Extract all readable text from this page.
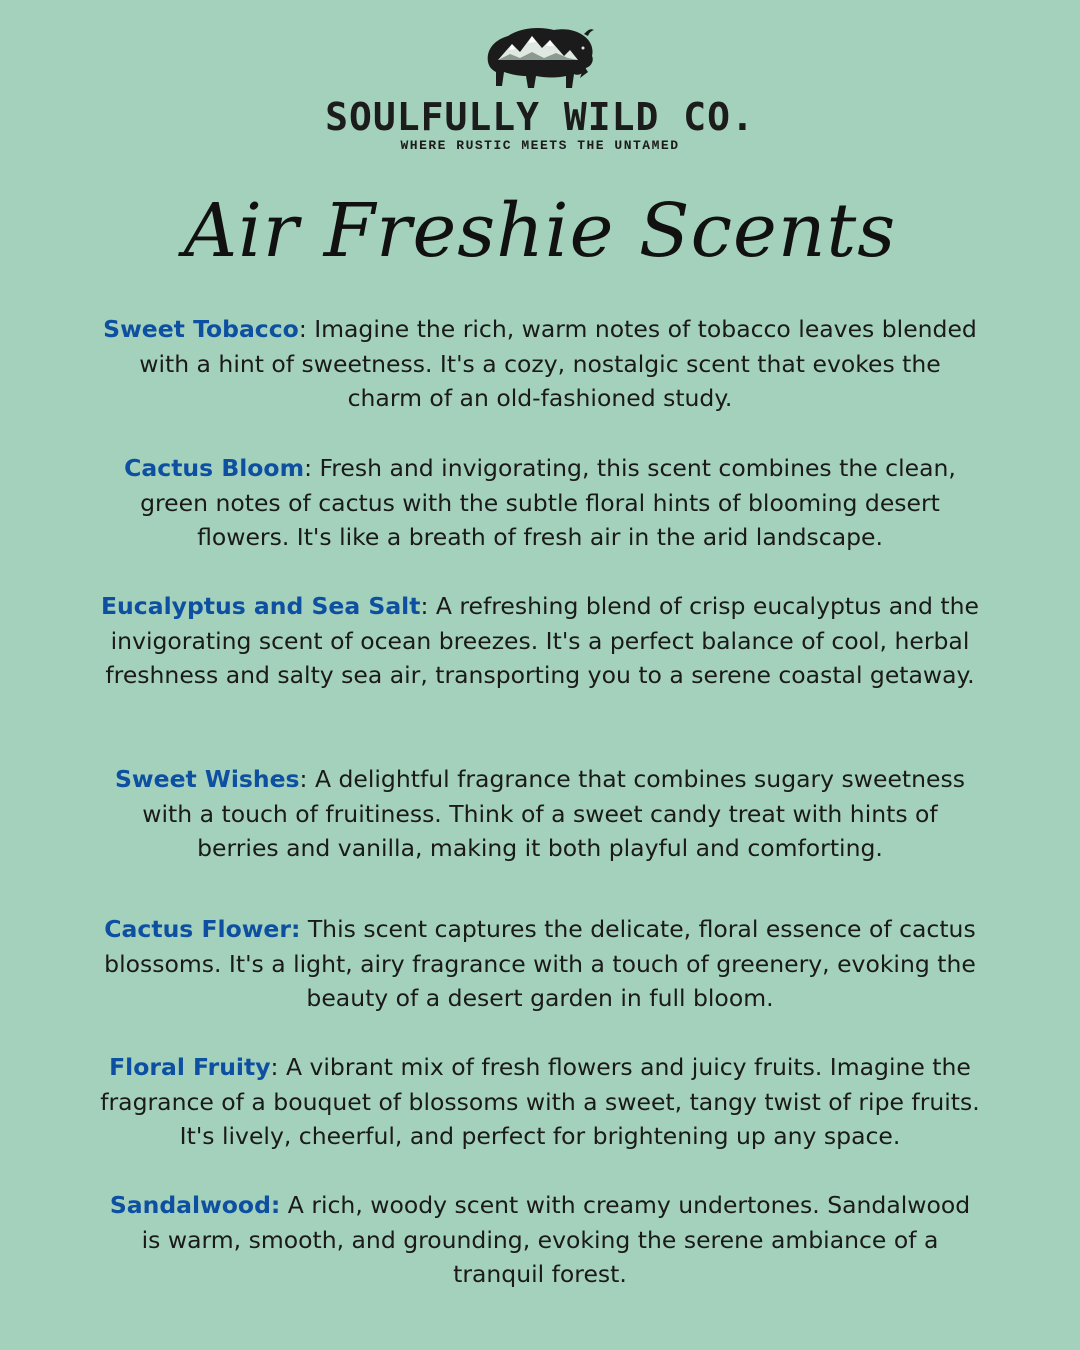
SOULFULLY WILD CO.
WHERE RUSTIC MEETS THE UNTAMED
Air Freshie Scents

Sweet Tobacco: Imagine the rich, warm notes of tobacco leaves blended with a hint of sweetness. It's a cozy, nostalgic scent that evokes the charm of an old-fashioned study.

Cactus Bloom: Fresh and invigorating, this scent combines the clean, green notes of cactus with the subtle floral hints of blooming desert flowers. It's like a breath of fresh air in the arid landscape.

Eucalyptus and Sea Salt: A refreshing blend of crisp eucalyptus and the invigorating scent of ocean breezes. It's a perfect balance of cool, herbal freshness and salty sea air, transporting you to a serene coastal getaway.

Sweet Wishes: A delightful fragrance that combines sugary sweetness with a touch of fruitiness. Think of a sweet candy treat with hints of berries and vanilla, making it both playful and comforting.

Cactus Flower: This scent captures the delicate, floral essence of cactus blossoms. It's a light, airy fragrance with a touch of greenery, evoking the beauty of a desert garden in full bloom.

Floral Fruity: A vibrant mix of fresh flowers and juicy fruits. Imagine the fragrance of a bouquet of blossoms with a sweet, tangy twist of ripe fruits. It's lively, cheerful, and perfect for brightening up any space.

Sandalwood: A rich, woody scent with creamy undertones. Sandalwood is warm, smooth, and grounding, evoking the serene ambiance of a tranquil forest.
